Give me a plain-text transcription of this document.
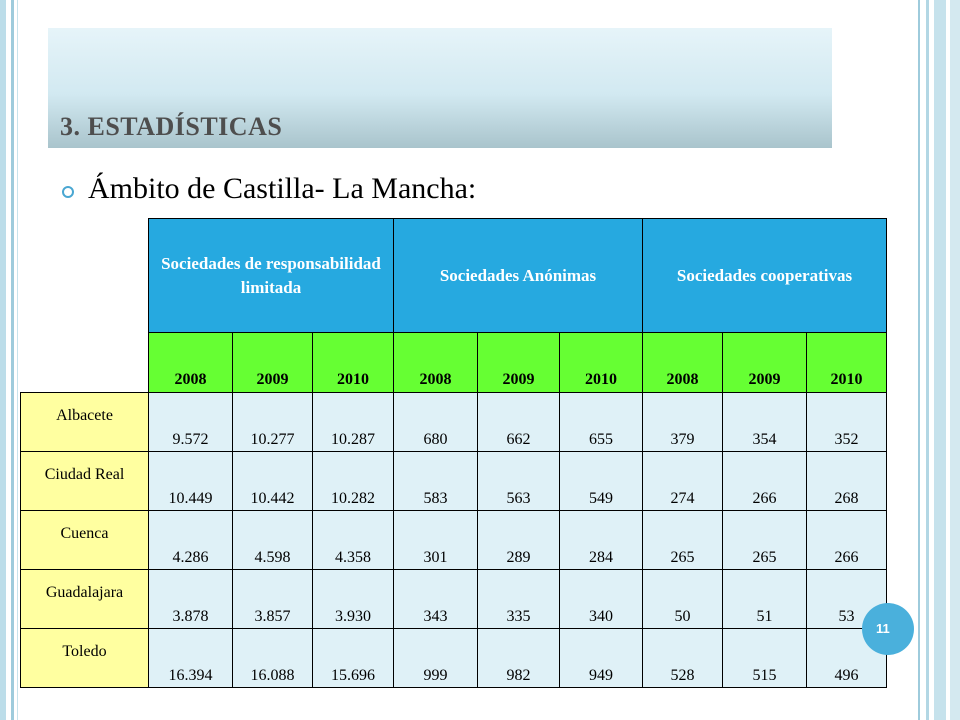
3. ESTADÍSTICAS
Ámbito de Castilla- La Mancha:
	Sociedades de responsabilidad limitada			Sociedades Anónimas			Sociedades cooperativas		
	2008	2009	2010	2008	2009	2010	2008	2009	2010
Albacete	9.572	10.277	10.287	680	662	655	379	354	352
Ciudad Real	10.449	10.442	10.282	583	563	549	274	266	268
Cuenca	4.286	4.598	4.358	301	289	284	265	265	266
Guadalajara	3.878	3.857	3.930	343	335	340	50	51	53
Toledo	16.394	16.088	15.696	999	982	949	528	515	496
11
